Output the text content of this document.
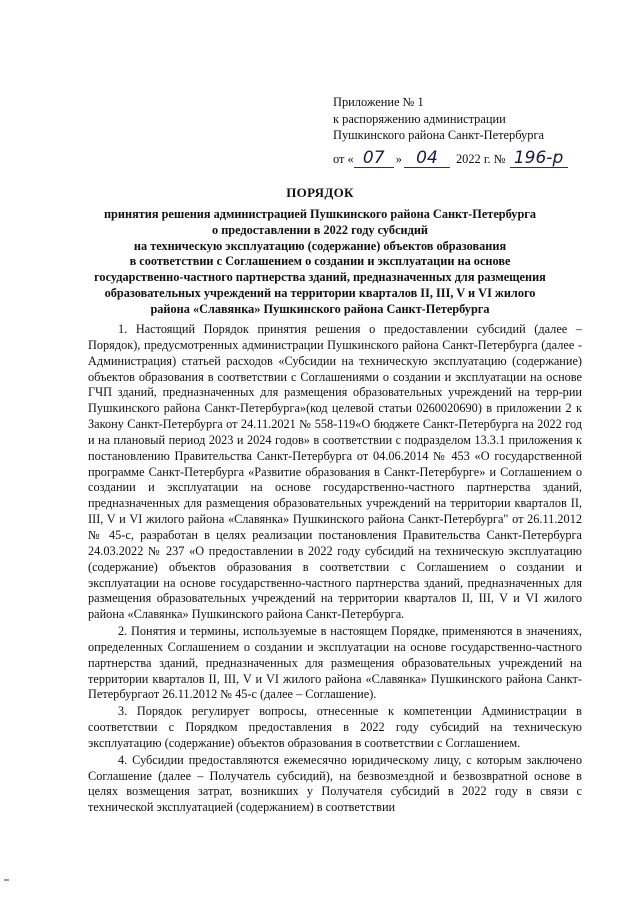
Приложение № 1
к распоряжению администрации
Пушкинского района Санкт-Петербурга
от « 07 » 04	2022 г. № 196-р
ПОРЯДОК
принятия решения администрацией Пушкинского района Санкт-Петербурга
о предоставлении в 2022 году субсидий
на техническую эксплуатацию (содержание) объектов образования
в соответствии с Соглашением о создании и эксплуатации на основе
государственно-частного партнерства зданий, предназначенных для размещения
образовательных учреждений на территории кварталов II, III, V и VI жилого
района «Славянка» Пушкинского района Санкт-Петербурга

1. Настоящий Порядок принятия решения о предоставлении субсидий (далее – Порядок), предусмотренных администрации Пушкинского района Санкт-Петербурга (далее - Администрация) статьей расходов «Субсидии на техническую эксплуатацию (содержание) объектов образования в соответствии с Соглашениями о создании и эксплуатации на основе ГЧП зданий, предназначенных для размещения образовательных учреждений на терр-рии Пушкинского района Санкт-Петербурга»(код целевой статьи 0260020690) в приложении 2 к Закону Санкт-Петербурга от 24.11.2021 № 558-119«О бюджете Санкт-Петербурга на 2022 год и на плановый период 2023 и 2024 годов» в соответствии с подразделом 13.3.1 приложения к постановлению Правительства Санкт-Петербурга от 04.06.2014 № 453 «О государственной программе Санкт-Петербурга «Развитие образования в Санкт-Петербурге» и Соглашением о создании и эксплуатации на основе государственно-частного партнерства зданий, предназначенных для размещения образовательных учреждений на территории кварталов II, III, V и VI жилого района «Славянка» Пушкинского района Санкт-Петербурга" от 26.11.2012 № 45-с, разработан в целях реализации постановления Правительства Санкт-Петербурга 24.03.2022 № 237 «О предоставлении в 2022 году субсидий на техническую эксплуатацию (содержание) объектов образования в соответствии с Соглашением о создании и эксплуатации на основе государственно-частного партнерства зданий, предназначенных для размещения образовательных учреждений на территории кварталов II, III, V и VI жилого района «Славянка» Пушкинского района Санкт-Петербурга.

2. Понятия и термины, используемые в настоящем Порядке, применяются в значениях, определенных Соглашением о создании и эксплуатации на основе государственно-частного партнерства зданий, предназначенных для размещения образовательных учреждений на территории кварталов II, III, V и VI жилого района «Славянка» Пушкинского района Санкт-Петербургаот 26.11.2012 № 45-с (далее – Соглашение).

3. Порядок регулирует вопросы, отнесенные к компетенции Администрации в соответствии с Порядком предоставления в 2022 году субсидий на техническую эксплуатацию (содержание) объектов образования в соответствии с Соглашением.

4. Субсидии предоставляются ежемесячно юридическому лицу, с которым заключено Соглашение (далее – Получатель субсидий), на безвозмездной и безвозвратной основе в целях возмещения затрат, возникших у Получателя субсидий в 2022 году в связи с технической эксплуатацией (содержанием) в соответствии
